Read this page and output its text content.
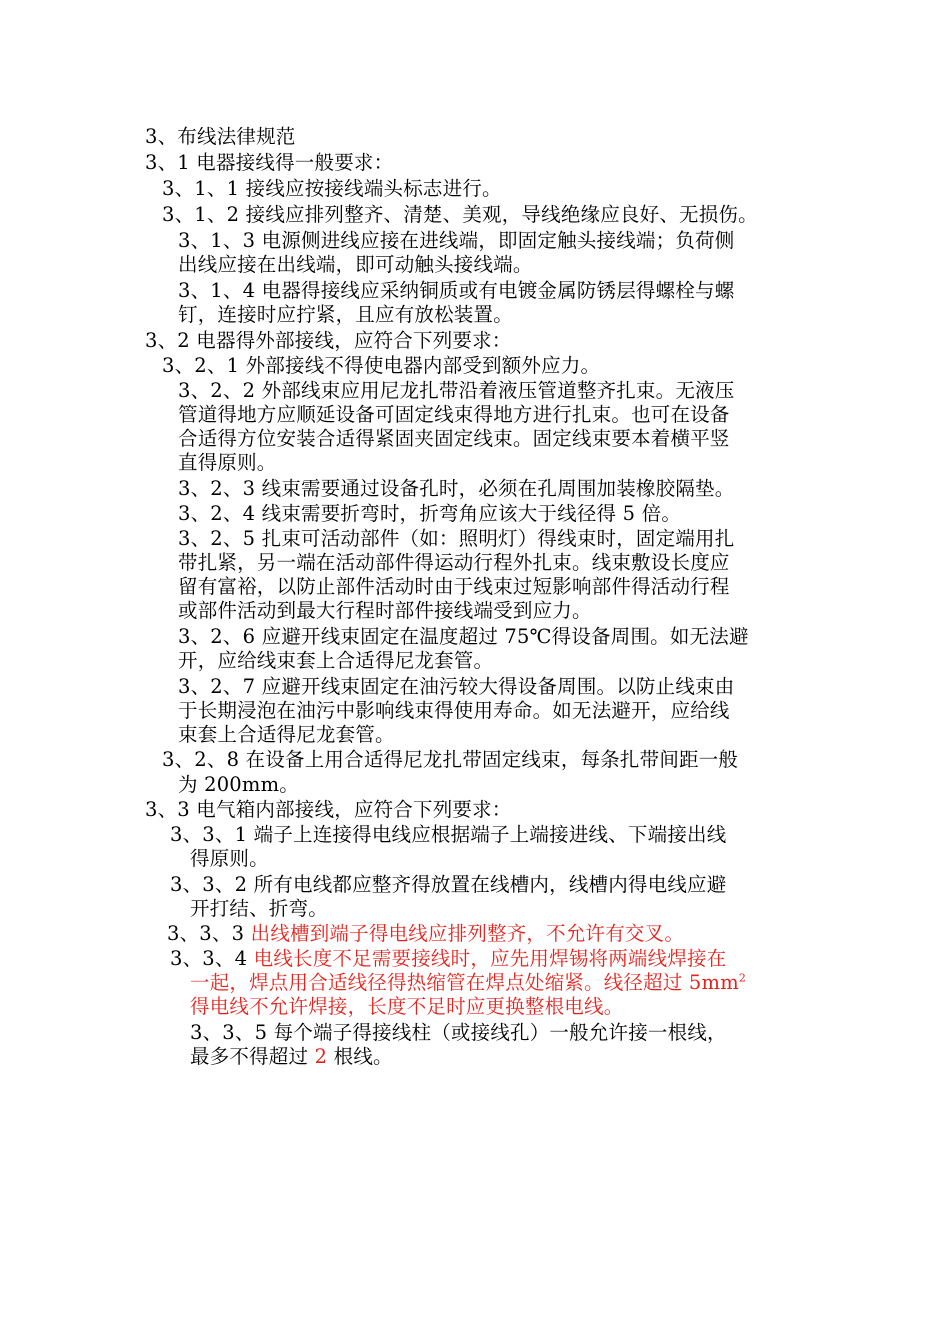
3、布线法律规范
3、1 电器接线得一般要求：
3、1、1 接线应按接线端头标志进行。
3、1、2 接线应排列整齐、清楚、美观，导线绝缘应良好、无损伤。
3、1、3 电源侧进线应接在进线端，即固定触头接线端；负荷侧
出线应接在出线端，即可动触头接线端。
3、1、4 电器得接线应采纳铜质或有电镀金属防锈层得螺栓与螺
钉，连接时应拧紧，且应有放松装置。
3、2 电器得外部接线，应符合下列要求：
3、2、1 外部接线不得使电器内部受到额外应力。
3、2、2 外部线束应用尼龙扎带沿着液压管道整齐扎束。无液压
管道得地方应顺延设备可固定线束得地方进行扎束。也可在设备
合适得方位安装合适得紧固夹固定线束。固定线束要本着横平竖
直得原则。
3、2、3 线束需要通过设备孔时，必须在孔周围加装橡胶隔垫。
3、2、4 线束需要折弯时，折弯角应该大于线径得 5 倍。
3、2、5 扎束可活动部件（如：照明灯）得线束时，固定端用扎
带扎紧，另一端在活动部件得运动行程外扎束。线束敷设长度应
留有富裕，以防止部件活动时由于线束过短影响部件得活动行程
或部件活动到最大行程时部件接线端受到应力。
3、2、6 应避开线束固定在温度超过 75℃得设备周围。如无法避
开，应给线束套上合适得尼龙套管。
3、2、7 应避开线束固定在油污较大得设备周围。以防止线束由
于长期浸泡在油污中影响线束得使用寿命。如无法避开，应给线
束套上合适得尼龙套管。
3、2、8 在设备上用合适得尼龙扎带固定线束，每条扎带间距一般
为 200mm。
3、3 电气箱内部接线，应符合下列要求：
3、3、1 端子上连接得电线应根据端子上端接进线、下端接出线
得原则。
3、3、2 所有电线都应整齐得放置在线槽内，线槽内得电线应避
开打结、折弯。
3、3、3 出线槽到端子得电线应排列整齐，不允许有交叉。
3、3、4 电线长度不足需要接线时，应先用焊锡将两端线焊接在
一起，焊点用合适线径得热缩管在焊点处缩紧。线径超过 $5mm^2$
得电线不允许焊接，长度不足时应更换整根电线。
3、3、5 每个端子得接线柱（或接线孔）一般允许接一根线，
最多不得超过 2 根线。
